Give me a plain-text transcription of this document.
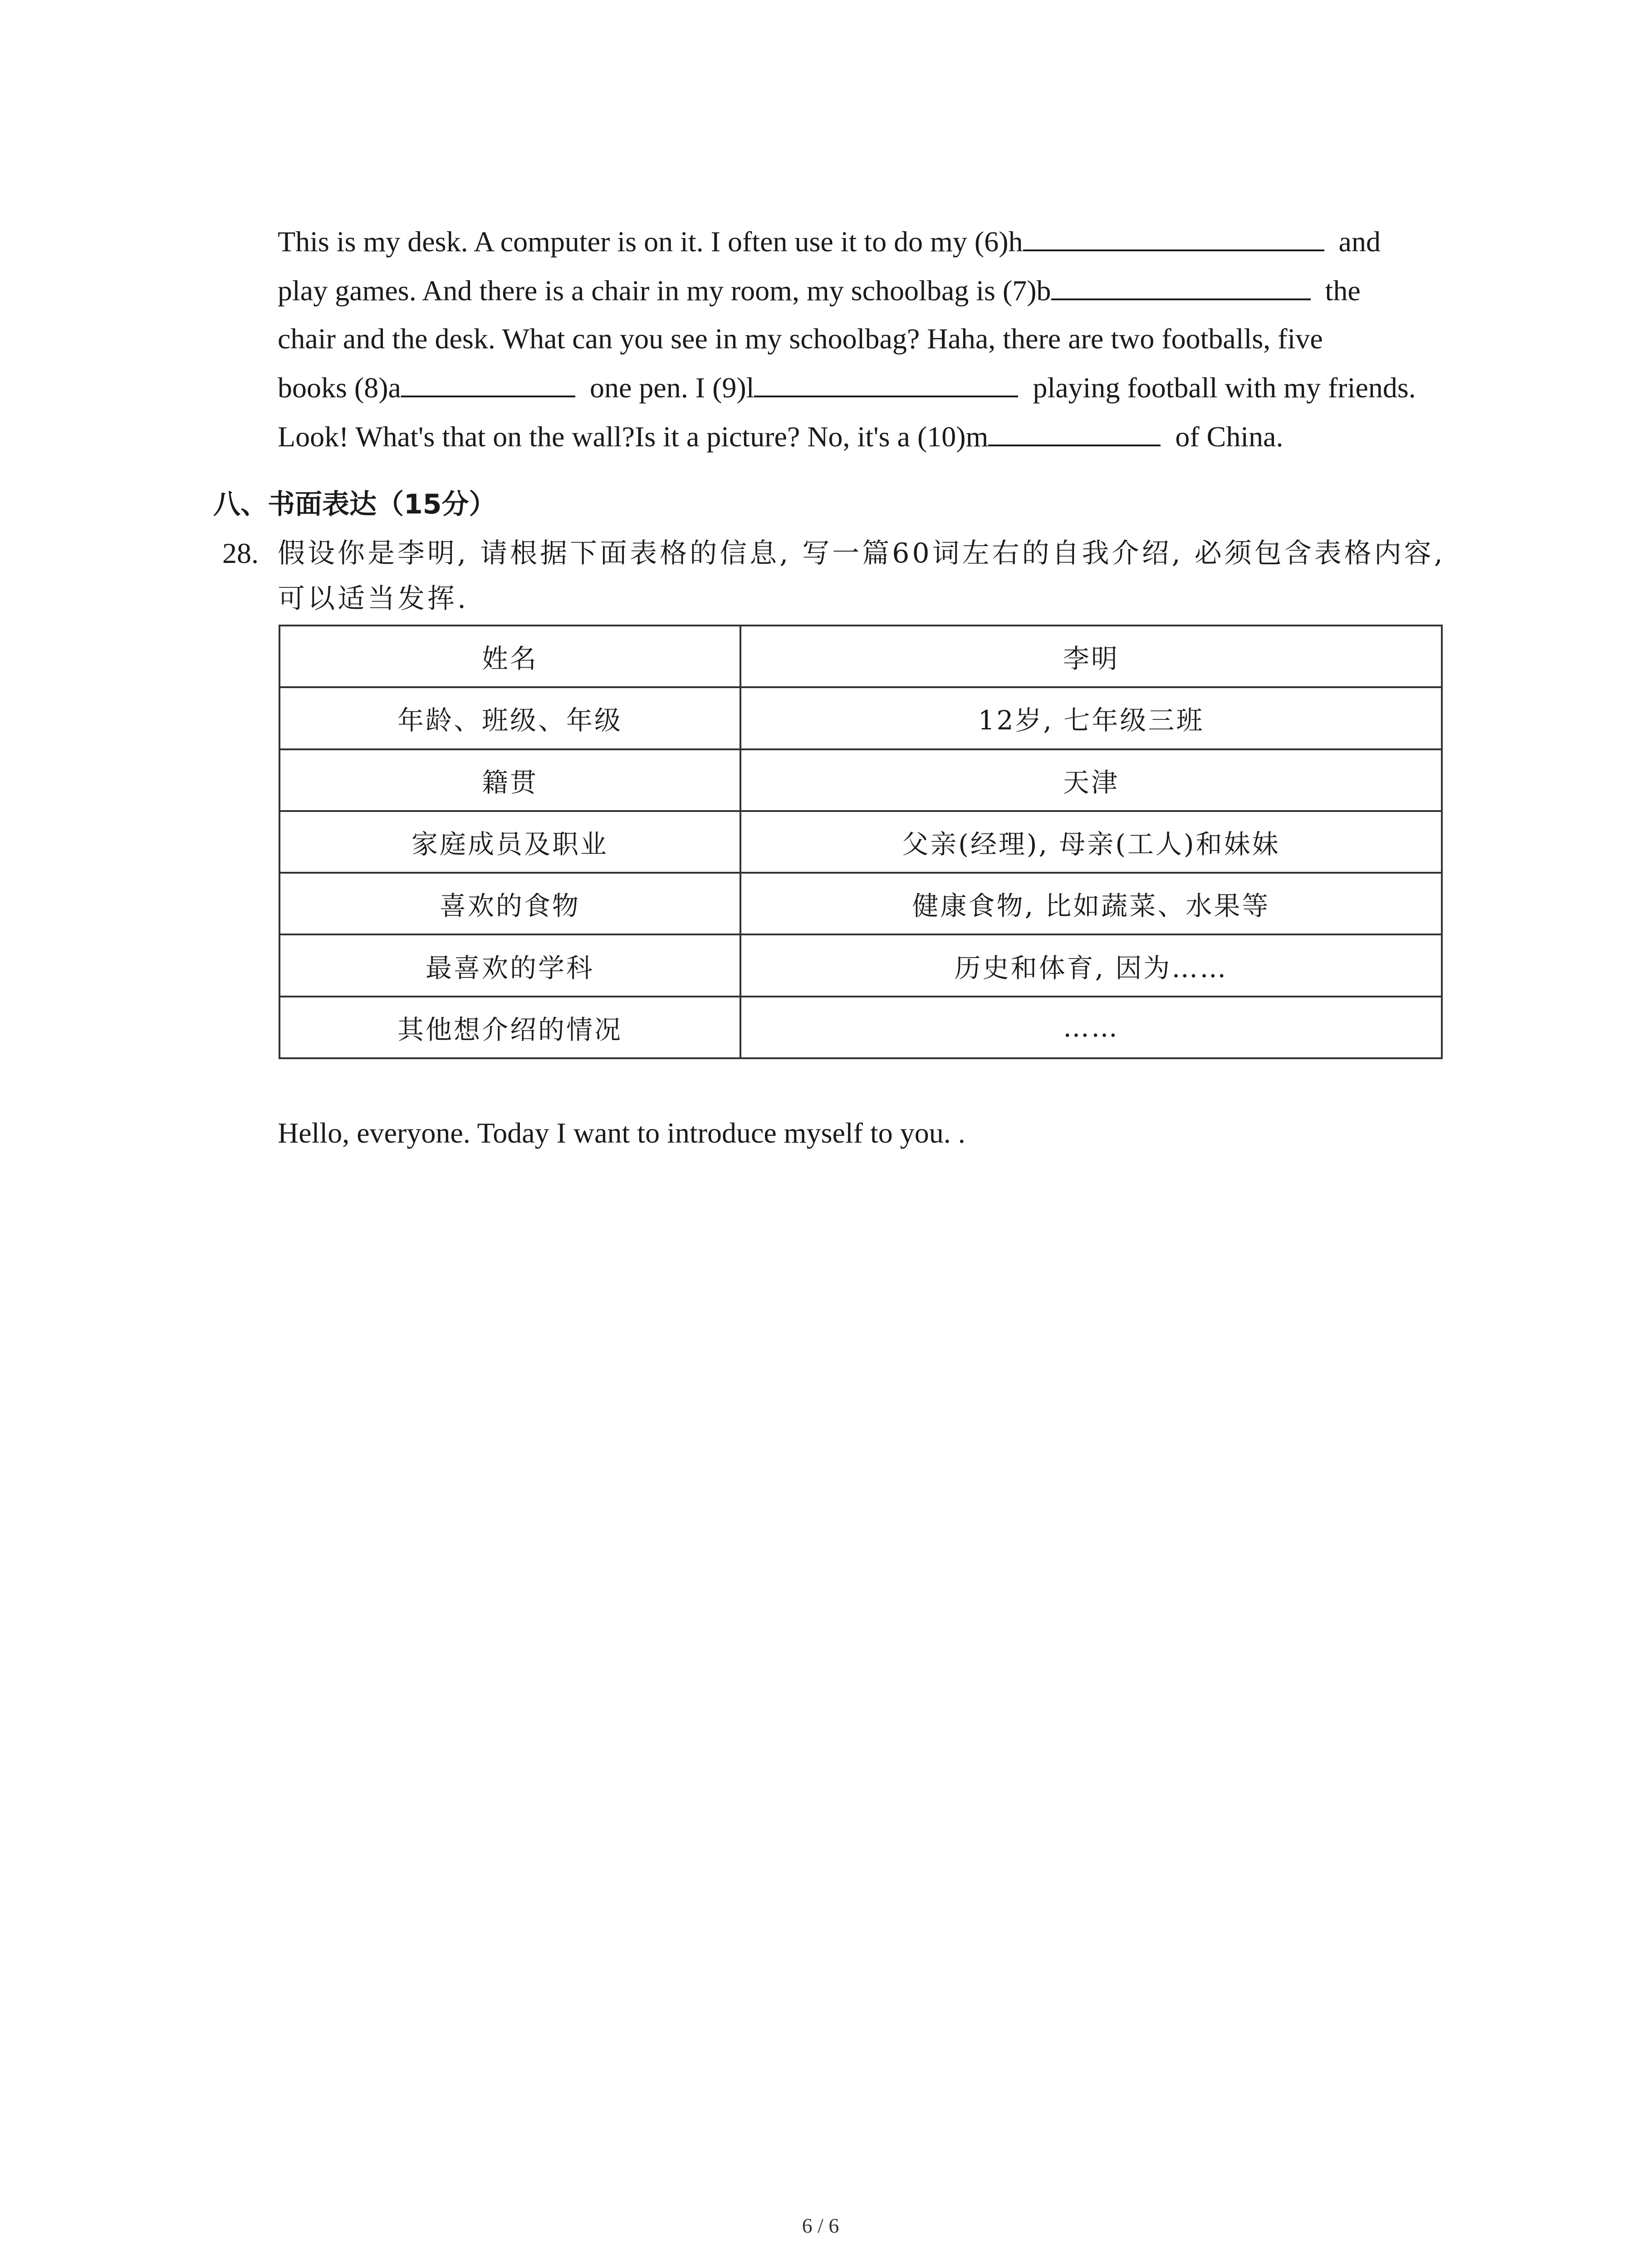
This is my desk. A computer is on it. I often use it to do my (6)h	and
play games. And there is a chair in my room, my schoolbag is (7)b	the
chair and the desk. What can you see in my schoolbag? Haha, there are two footballs, five
books (8)a	one pen. I (9)l	playing football with my friends.
Look! What's that on the wall?Is it a picture? No, it's a (10)m	of China.
八、书面表达（15分）
28. 假设你是李明, 请根据下面表格的信息, 写一篇60词左右的自我介绍, 必须包含表格内容,
可以适当发挥.
姓名	李明
年龄、班级、年级	12岁, 七年级三班
籍贯	天津
家庭成员及职业	父亲(经理), 母亲(工人)和妹妹
喜欢的食物	健康食物, 比如蔬菜、水果等
最喜欢的学科	历史和体育, 因为……
其他想介绍的情况	……
Hello, everyone. Today I want to introduce myself to you. .
6 / 6
